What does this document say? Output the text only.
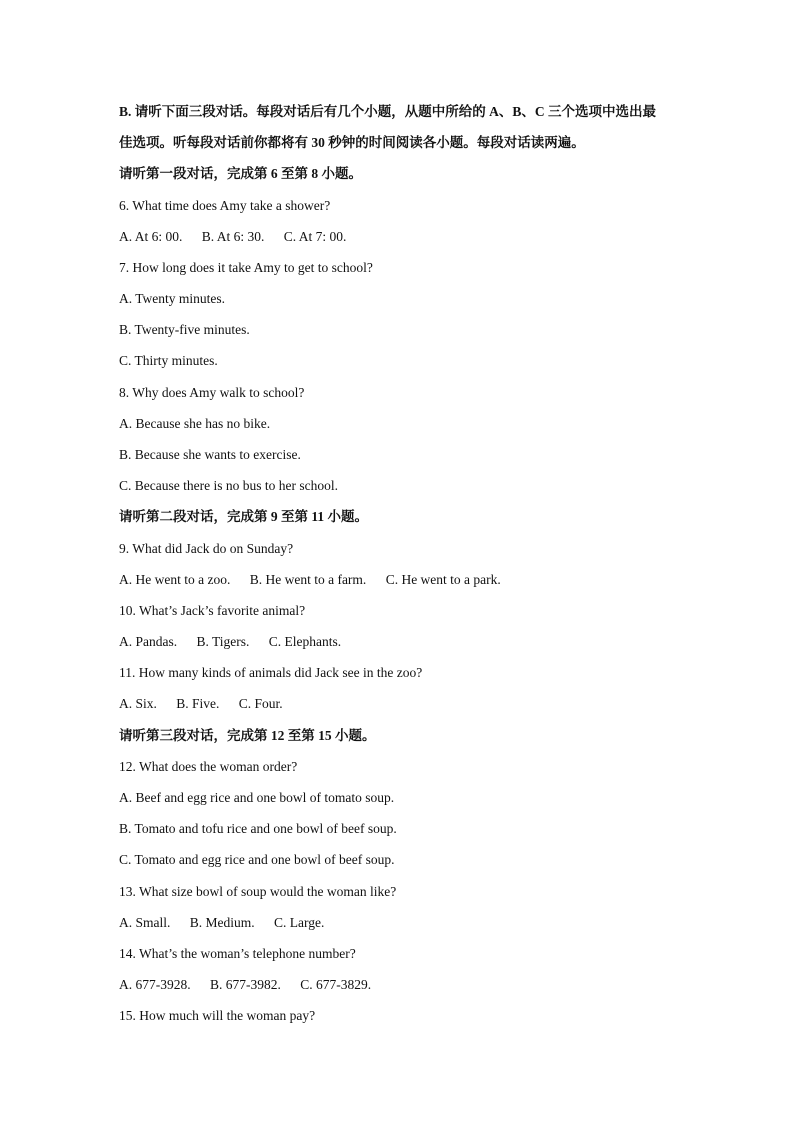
B. 请听下面三段对话。每段对话后有几个小题，从题中所给的 A、B、C 三个选项中选出最
佳选项。听每段对话前你都将有 30 秒钟的时间阅读各小题。每段对话读两遍。
请听第一段对话，完成第 6 至第 8 小题。
6. What time does Amy take a shower?
A. At 6: 00. B. At 6: 30. C. At 7: 00.
7. How long does it take Amy to get to school?
A. Twenty minutes.
B. Twenty-five minutes.
C. Thirty minutes.
8. Why does Amy walk to school?
A. Because she has no bike.
B. Because she wants to exercise.
C. Because there is no bus to her school.
请听第二段对话，完成第 9 至第 11 小题。
9. What did Jack do on Sunday?
A. He went to a zoo. B. He went to a farm. C. He went to a park.
10. What’s Jack’s favorite animal?
A. Pandas. B. Tigers. C. Elephants.
11. How many kinds of animals did Jack see in the zoo?
A. Six. B. Five. C. Four.
请听第三段对话，完成第 12 至第 15 小题。
12. What does the woman order?
A. Beef and egg rice and one bowl of tomato soup.
B. Tomato and tofu rice and one bowl of beef soup.
C. Tomato and egg rice and one bowl of beef soup.
13. What size bowl of soup would the woman like?
A. Small. B. Medium. C. Large.
14. What’s the woman’s telephone number?
A. 677-3928. B. 677-3982. C. 677-3829.
15. How much will the woman pay?
